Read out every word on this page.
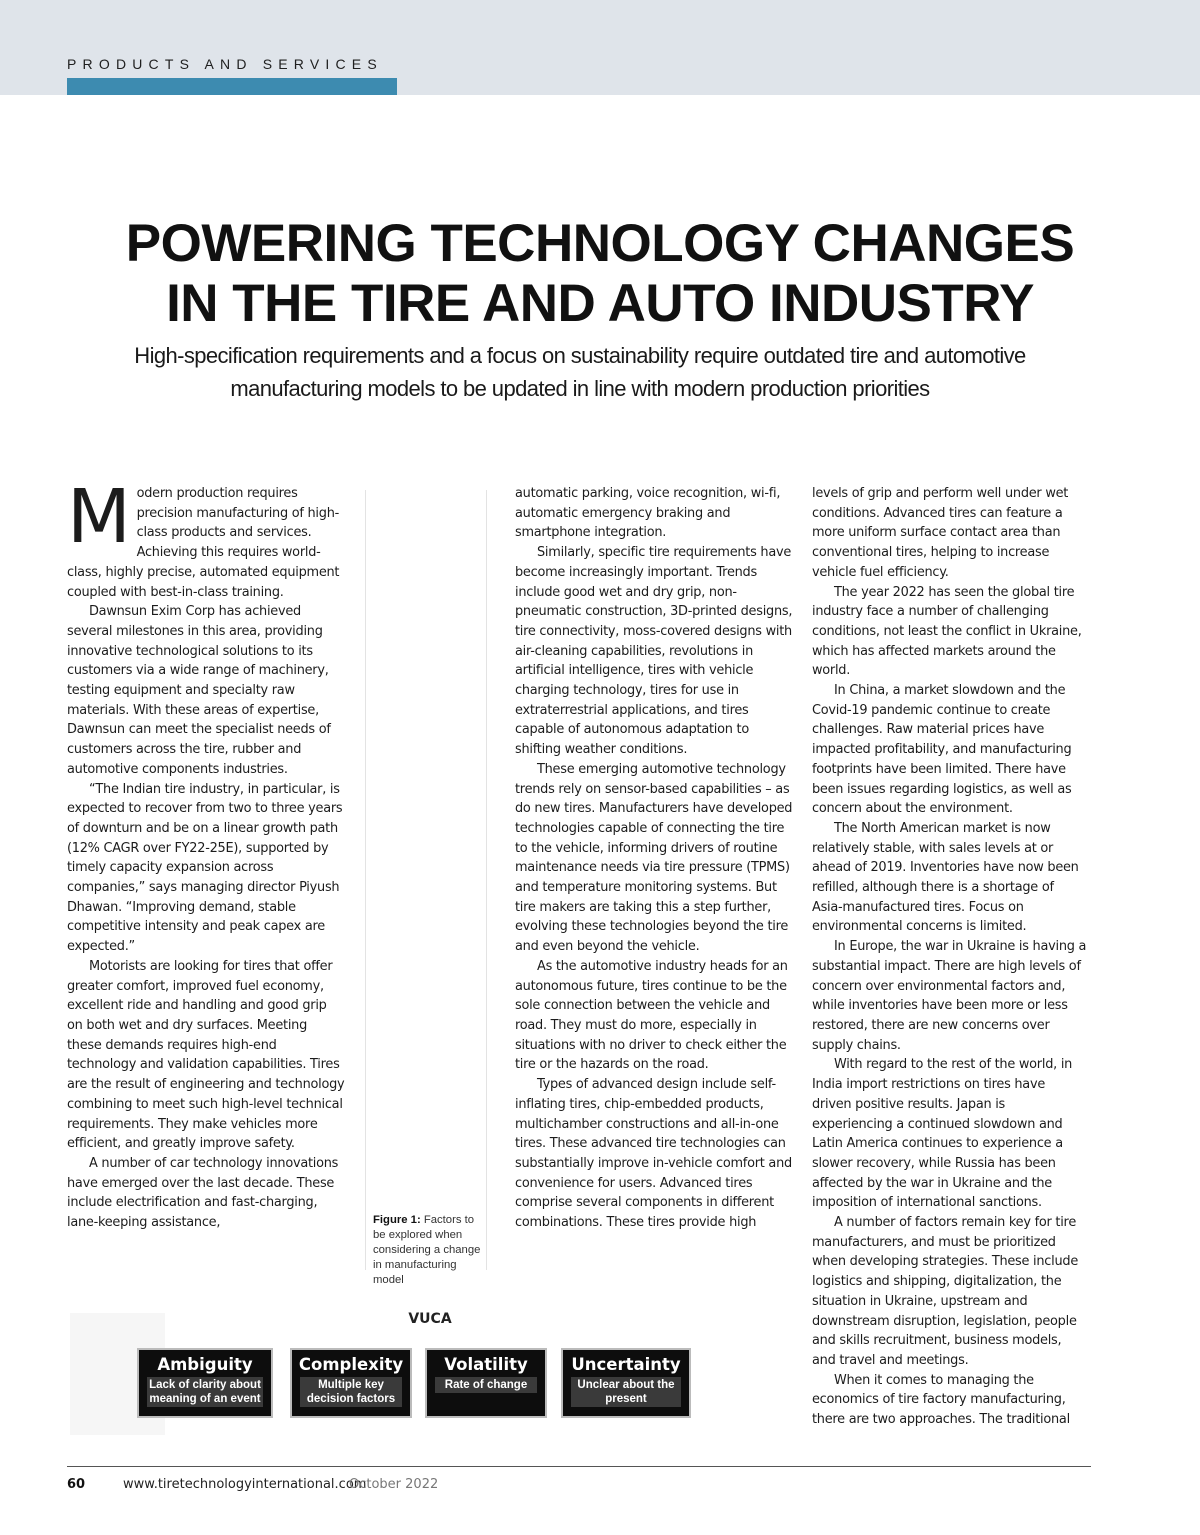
PRODUCTS AND SERVICES
POWERING TECHNOLOGY CHANGES
IN THE TIRE AND AUTO INDUSTRY
High-specification requirements and a focus on sustainability require outdated tire and automotive
manufacturing models to be updated in line with modern production priorities

Modern production requires precision manufacturing of high-class products and services. Achieving this requires world-class, highly precise, automated equipment coupled with best-in-class training.

Dawnsun Exim Corp has achieved several milestones in this area, providing innovative technological solutions to its customers via a wide range of machinery, testing equipment and specialty raw materials. With these areas of expertise, Dawnsun can meet the specialist needs of customers across the tire, rubber and automotive components industries.

“The Indian tire industry, in particular, is expected to recover from two to three years of downturn and be on a linear growth path (12% CAGR over FY22-25E), supported by timely capacity expansion across companies,” says managing director Piyush Dhawan. “Improving demand, stable competitive intensity and peak capex are expected.”

Motorists are looking for tires that offer greater comfort, improved fuel economy, excellent ride and handling and good grip on both wet and dry surfaces. Meeting these demands requires high-end technology and validation capabilities. Tires are the result of engineering and technology combining to meet such high-level technical requirements. They make vehicles more efficient, and greatly improve safety.

A number of car technology innovations have emerged over the last decade. These include electrification and fast-charging, lane-keeping assistance,	Figure 1: Factors to be explored when considering a change in manufacturing model

automatic parking, voice recognition, wi-fi, automatic emergency braking and smartphone integration.

Similarly, specific tire requirements have become increasingly important. Trends include good wet and dry grip, non-pneumatic construction, 3D-printed designs, tire connectivity, moss-covered designs with air-cleaning capabilities, revolutions in artificial intelligence, tires with vehicle charging technology, tires for use in extraterrestrial applications, and tires capable of autonomous adaptation to shifting weather conditions.

These emerging automotive technology trends rely on sensor-based capabilities – as do new tires. Manufacturers have developed technologies capable of connecting the tire to the vehicle, informing drivers of routine maintenance needs via tire pressure (TPMS) and temperature monitoring systems. But tire makers are taking this a step further, evolving these technologies beyond the tire and even beyond the vehicle.

As the automotive industry heads for an autonomous future, tires continue to be the sole connection between the vehicle and road. They must do more, especially in situations with no driver to check either the tire or the hazards on the road.

Types of advanced design include self-inflating tires, chip-embedded products, multichamber constructions and all-in-one tires. These advanced tire technologies can substantially improve in-vehicle comfort and convenience for users. Advanced tires comprise several components in different combinations. These tires provide high

levels of grip and perform well under wet conditions. Advanced tires can feature a more uniform surface contact area than conventional tires, helping to increase vehicle fuel efficiency.

The year 2022 has seen the global tire industry face a number of challenging conditions, not least the conflict in Ukraine, which has affected markets around the world.

In China, a market slowdown and the Covid-19 pandemic continue to create challenges. Raw material prices have impacted profitability, and manufacturing footprints have been limited. There have been issues regarding logistics, as well as concern about the environment.

The North American market is now relatively stable, with sales levels at or ahead of 2019. Inventories have now been refilled, although there is a shortage of Asia-manufactured tires. Focus on environmental concerns is limited.

In Europe, the war in Ukraine is having a substantial impact. There are high levels of concern over environmental factors and, while inventories have been more or less restored, there are new concerns over supply chains.

With regard to the rest of the world, in India import restrictions on tires have driven positive results. Japan is experiencing a continued slowdown and Latin America continues to experience a slower recovery, while Russia has been affected by the war in Ukraine and the imposition of international sanctions.

A number of factors remain key for tire manufacturers, and must be prioritized when developing strategies. These include logistics and shipping, digitalization, the situation in Ukraine, upstream and downstream disruption, legislation, people and skills recruitment, business models, and travel and meetings.

When it comes to managing the economics of tire factory manufacturing, there are two approaches. The traditional

VUCA
Ambiguity
Lack of clarity about meaning of an event
Complexity
Multiple key decision factors
Volatility
Rate of change
Uncertainty
Unclear about the present
60	www.tiretechnologyinternational.com
October 2022
